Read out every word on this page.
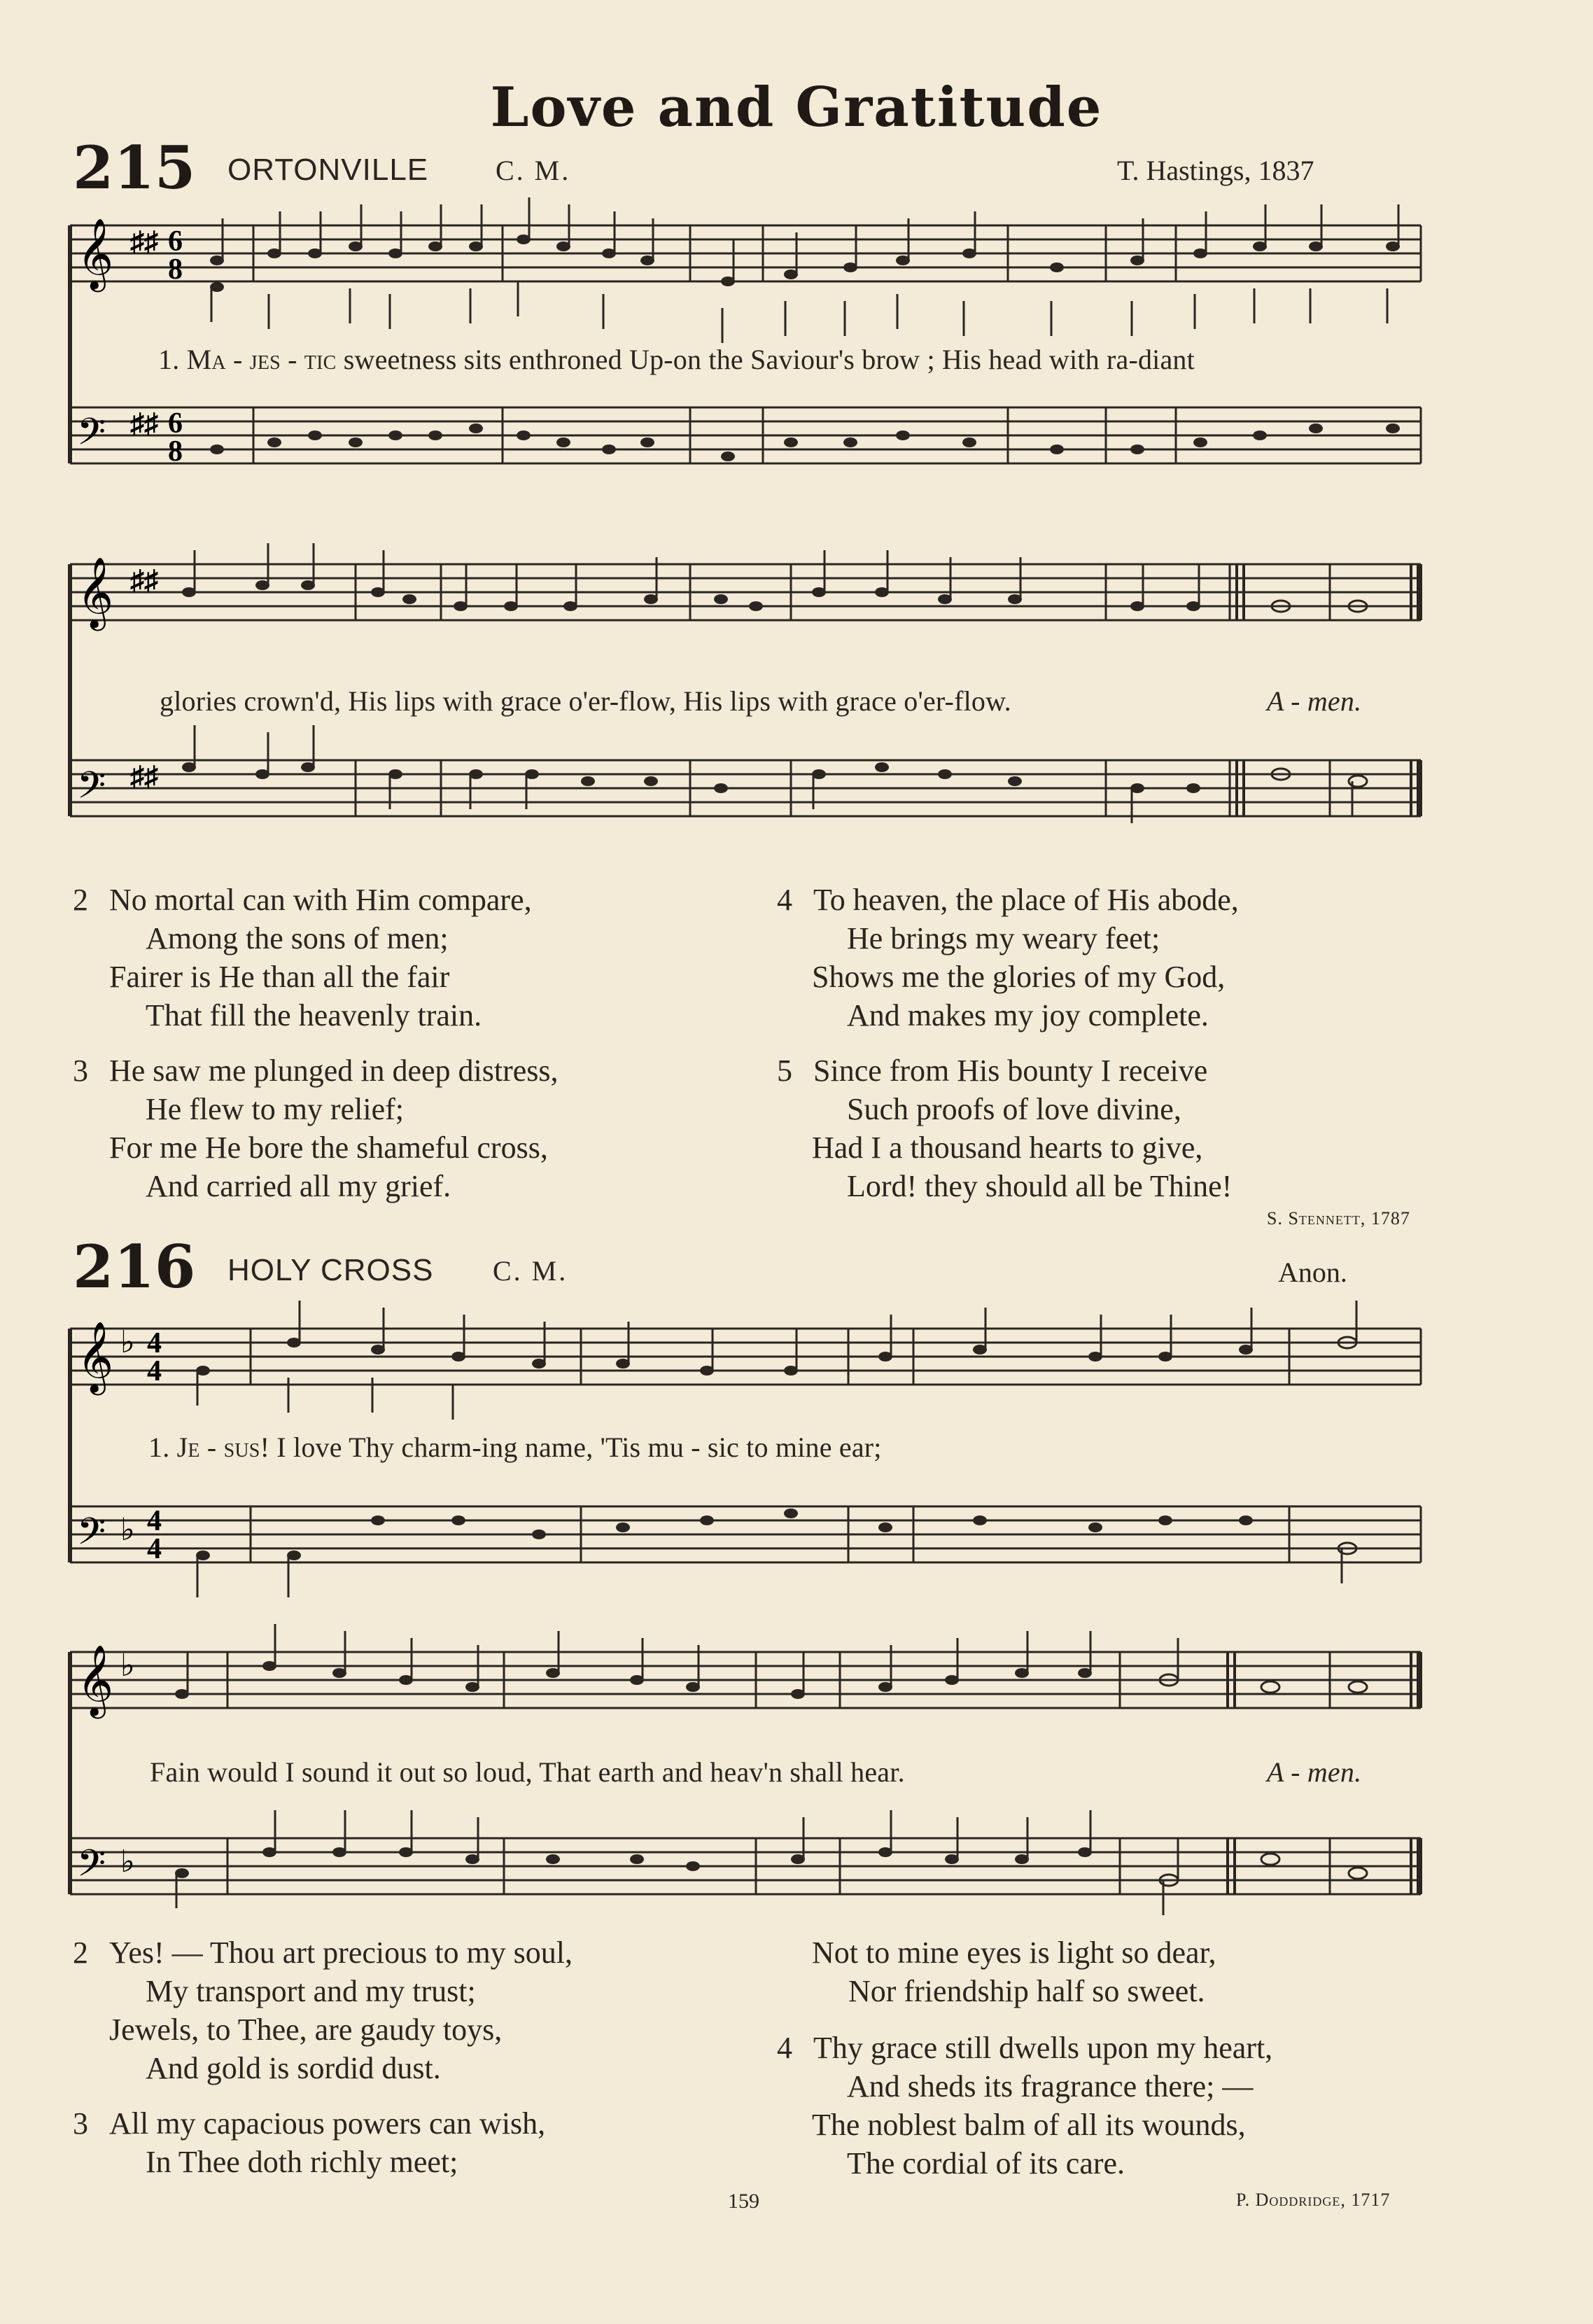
Love and Gratitude
215 ORTONVILLE C. M.	T. Hastings, 1837
𝄞
𝄢
♯♯ 6
8
♯♯ 6
8
𝄞
𝄢
♯♯
♯♯
𝄞
𝄢
♭ 4
4
♭ 4
4
𝄞
𝄢
♭
♭
1. Ma - jes - tic sweetness sits enthroned Up-on the Saviour's brow ; His head with ra-diant
glories crown'd, His lips with grace o'er-flow, His lips with grace o'er-flow.	A - men.
2 No mortal can with Him compare,
Among the sons of men;
Fairer is He than all the fair
That fill the heavenly train.
3 He saw me plunged in deep distress,
He flew to my relief;
For me He bore the shameful cross,
And carried all my grief.
4 To heaven, the place of His abode,
He brings my weary feet;
Shows me the glories of my God,
And makes my joy complete.
5 Since from His bounty I receive
Such proofs of love divine,
Had I a thousand hearts to give,
Lord! they should all be Thine!
S. Stennett, 1787
216 HOLY CROSS C. M.	Anon.
1. Je - sus! I love Thy charm-ing name, 'Tis mu - sic to mine ear;
Fain would I sound it out so loud, That earth and heav'n shall hear.	A - men.
2 Yes! — Thou art precious to my soul,
My transport and my trust;
Jewels, to Thee, are gaudy toys,
And gold is sordid dust.
3 All my capacious powers can wish,
In Thee doth richly meet;
Not to mine eyes is light so dear,
Nor friendship half so sweet.
4 Thy grace still dwells upon my heart,
And sheds its fragrance there; —
The noblest balm of all its wounds,
The cordial of its care.
159	P. Doddridge, 1717
